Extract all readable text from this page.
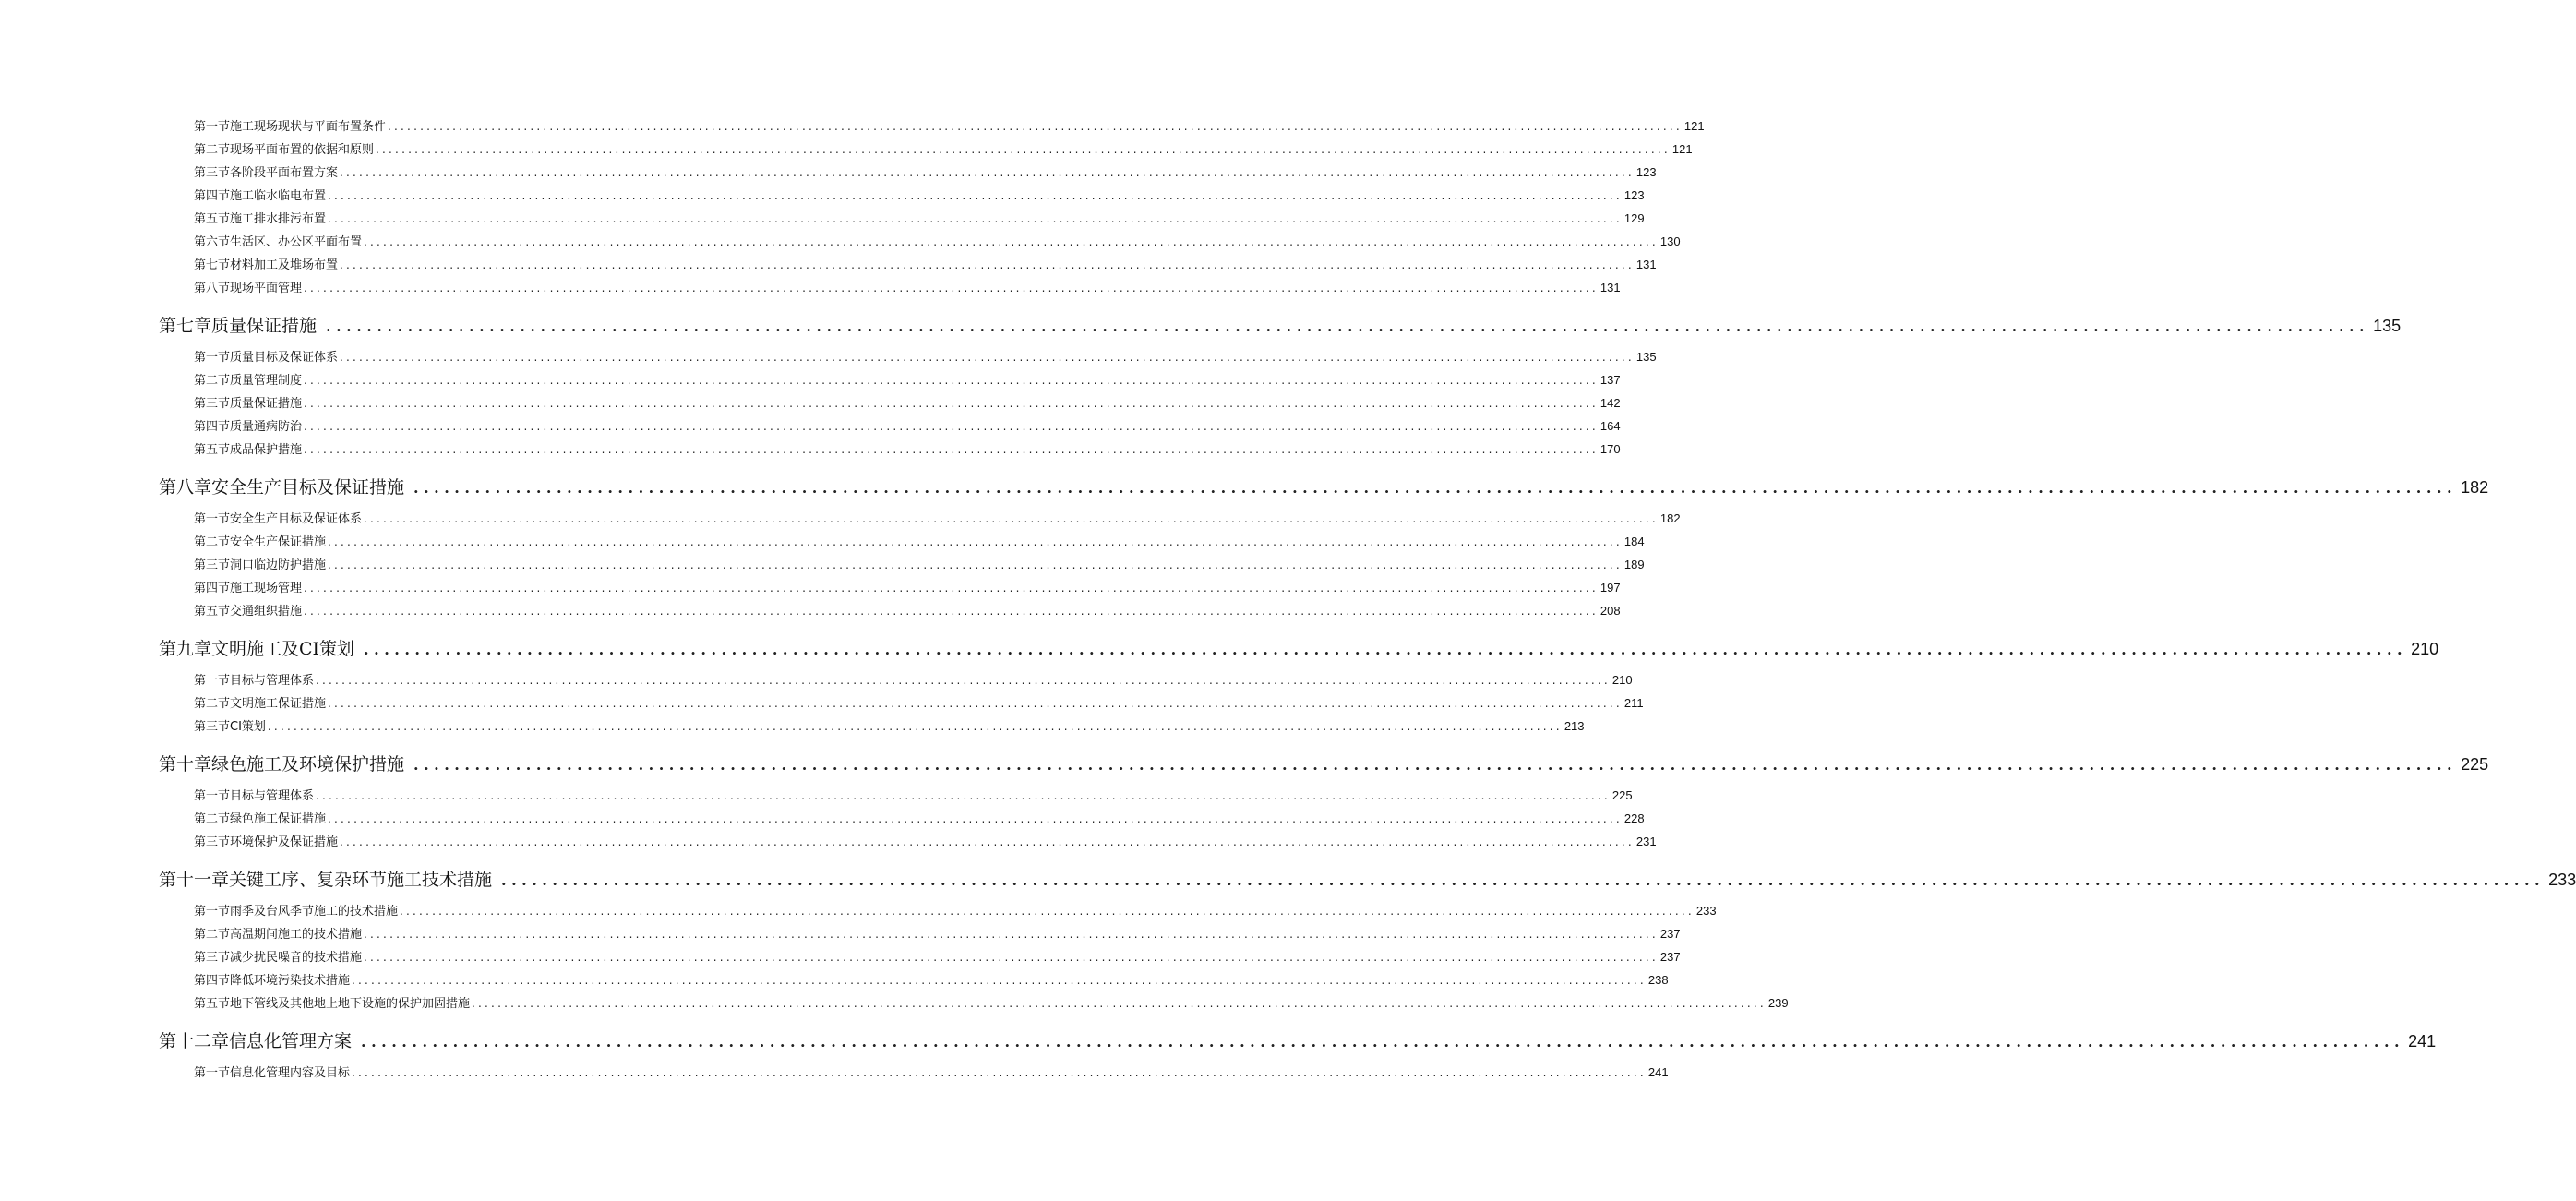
第一节施工现场现状与平面布置条件 ........................................................................................................................................................................................................ 121
第二节现场平面布置的依据和原则 ........................................................................................................................................................................................................ 121
第三节各阶段平面布置方案 ........................................................................................................................................................................................................ 123
第四节施工临水临电布置 ........................................................................................................................................................................................................ 123
第五节施工排水排污布置 ........................................................................................................................................................................................................ 129
第六节生活区、办公区平面布置 ........................................................................................................................................................................................................ 130
第七节材料加工及堆场布置 ........................................................................................................................................................................................................ 131
第八节现场平面管理 ........................................................................................................................................................................................................ 131
第七章质量保证措施 ........................................................................................................................................................................................................ 135
第一节质量目标及保证体系 ........................................................................................................................................................................................................ 135
第二节质量管理制度 ........................................................................................................................................................................................................ 137
第三节质量保证措施 ........................................................................................................................................................................................................ 142
第四节质量通病防治 ........................................................................................................................................................................................................ 164
第五节成品保护措施 ........................................................................................................................................................................................................ 170
第八章安全生产目标及保证措施 ........................................................................................................................................................................................................ 182
第一节安全生产目标及保证体系 ........................................................................................................................................................................................................ 182
第二节安全生产保证措施 ........................................................................................................................................................................................................ 184
第三节洞口临边防护措施 ........................................................................................................................................................................................................ 189
第四节施工现场管理 ........................................................................................................................................................................................................ 197
第五节交通组织措施 ........................................................................................................................................................................................................ 208
第九章文明施工及CI策划 ........................................................................................................................................................................................................ 210
第一节目标与管理体系 ........................................................................................................................................................................................................ 210
第二节文明施工保证措施 ........................................................................................................................................................................................................ 211
第三节CI策划 ........................................................................................................................................................................................................ 213
第十章绿色施工及环境保护措施 ........................................................................................................................................................................................................ 225
第一节目标与管理体系 ........................................................................................................................................................................................................ 225
第二节绿色施工保证措施 ........................................................................................................................................................................................................ 228
第三节环境保护及保证措施 ........................................................................................................................................................................................................ 231
第十一章关键工序、复杂环节施工技术措施 ........................................................................................................................................................................................................ 233
第一节雨季及台风季节施工的技术措施 ........................................................................................................................................................................................................ 233
第二节高温期间施工的技术措施 ........................................................................................................................................................................................................ 237
第三节减少扰民噪音的技术措施 ........................................................................................................................................................................................................ 237
第四节降低环境污染技术措施 ........................................................................................................................................................................................................ 238
第五节地下管线及其他地上地下设施的保护加固措施 ........................................................................................................................................................................................................ 239
第十二章信息化管理方案 ........................................................................................................................................................................................................ 241
第一节信息化管理内容及目标 ........................................................................................................................................................................................................ 241
